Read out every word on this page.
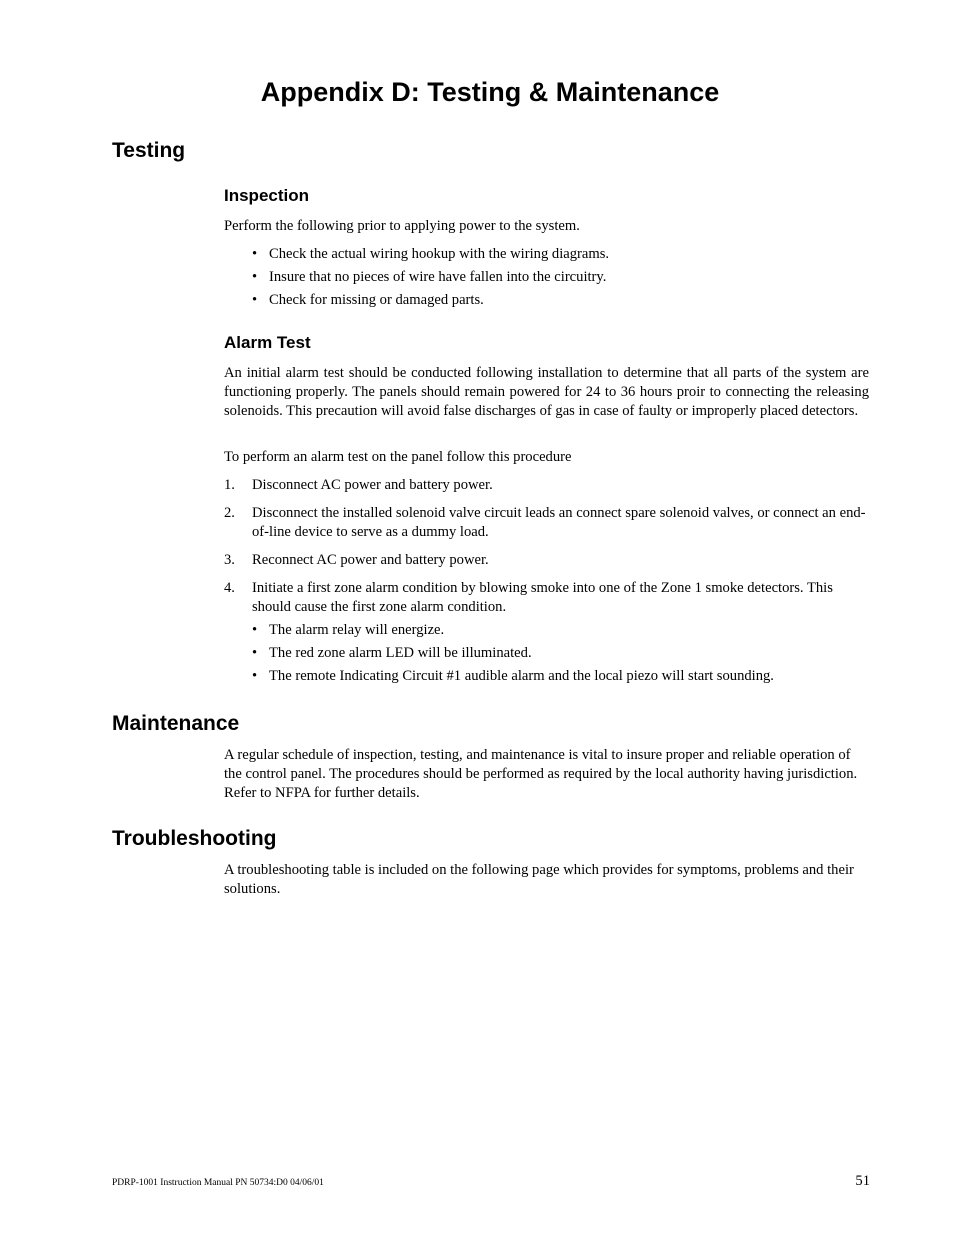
Appendix D: Testing & Maintenance
Testing
Inspection

Perform the following prior to applying power to the system.

• Check the actual wiring hookup with the wiring diagrams.
• Insure that no pieces of wire have fallen into the circuitry.
• Check for missing or damaged parts.
Alarm Test

An initial alarm test should be conducted following installation to determine that all parts of the system are functioning properly. The panels should remain powered for 24 to 36 hours proir to connecting the releasing solenoids. This precaution will avoid false discharges of gas in case of faulty or improperly placed detectors.

To perform an alarm test on the panel follow this procedure

1. Disconnect AC power and battery power.
2. Disconnect the installed solenoid valve circuit leads an connect spare solenoid valves, or connect an end-of-line device to serve as a dummy load.
3. Reconnect AC power and battery power.
4. Initiate a first zone alarm condition by blowing smoke into one of the Zone 1 smoke detectors. This should cause the first zone alarm condition.
• The alarm relay will energize.
• The red zone alarm LED will be illuminated.
• The remote Indicating Circuit #1 audible alarm and the local piezo will start sounding.
Maintenance

A regular schedule of inspection, testing, and maintenance is vital to insure proper and reliable operation of the control panel. The procedures should be performed as required by the local authority having jurisdiction. Refer to NFPA for further details.

Troubleshooting

A troubleshooting table is included on the following page which provides for symptoms, problems and their solutions.

PDRP-1001 Instruction Manual PN 50734:D0 04/06/01	51
